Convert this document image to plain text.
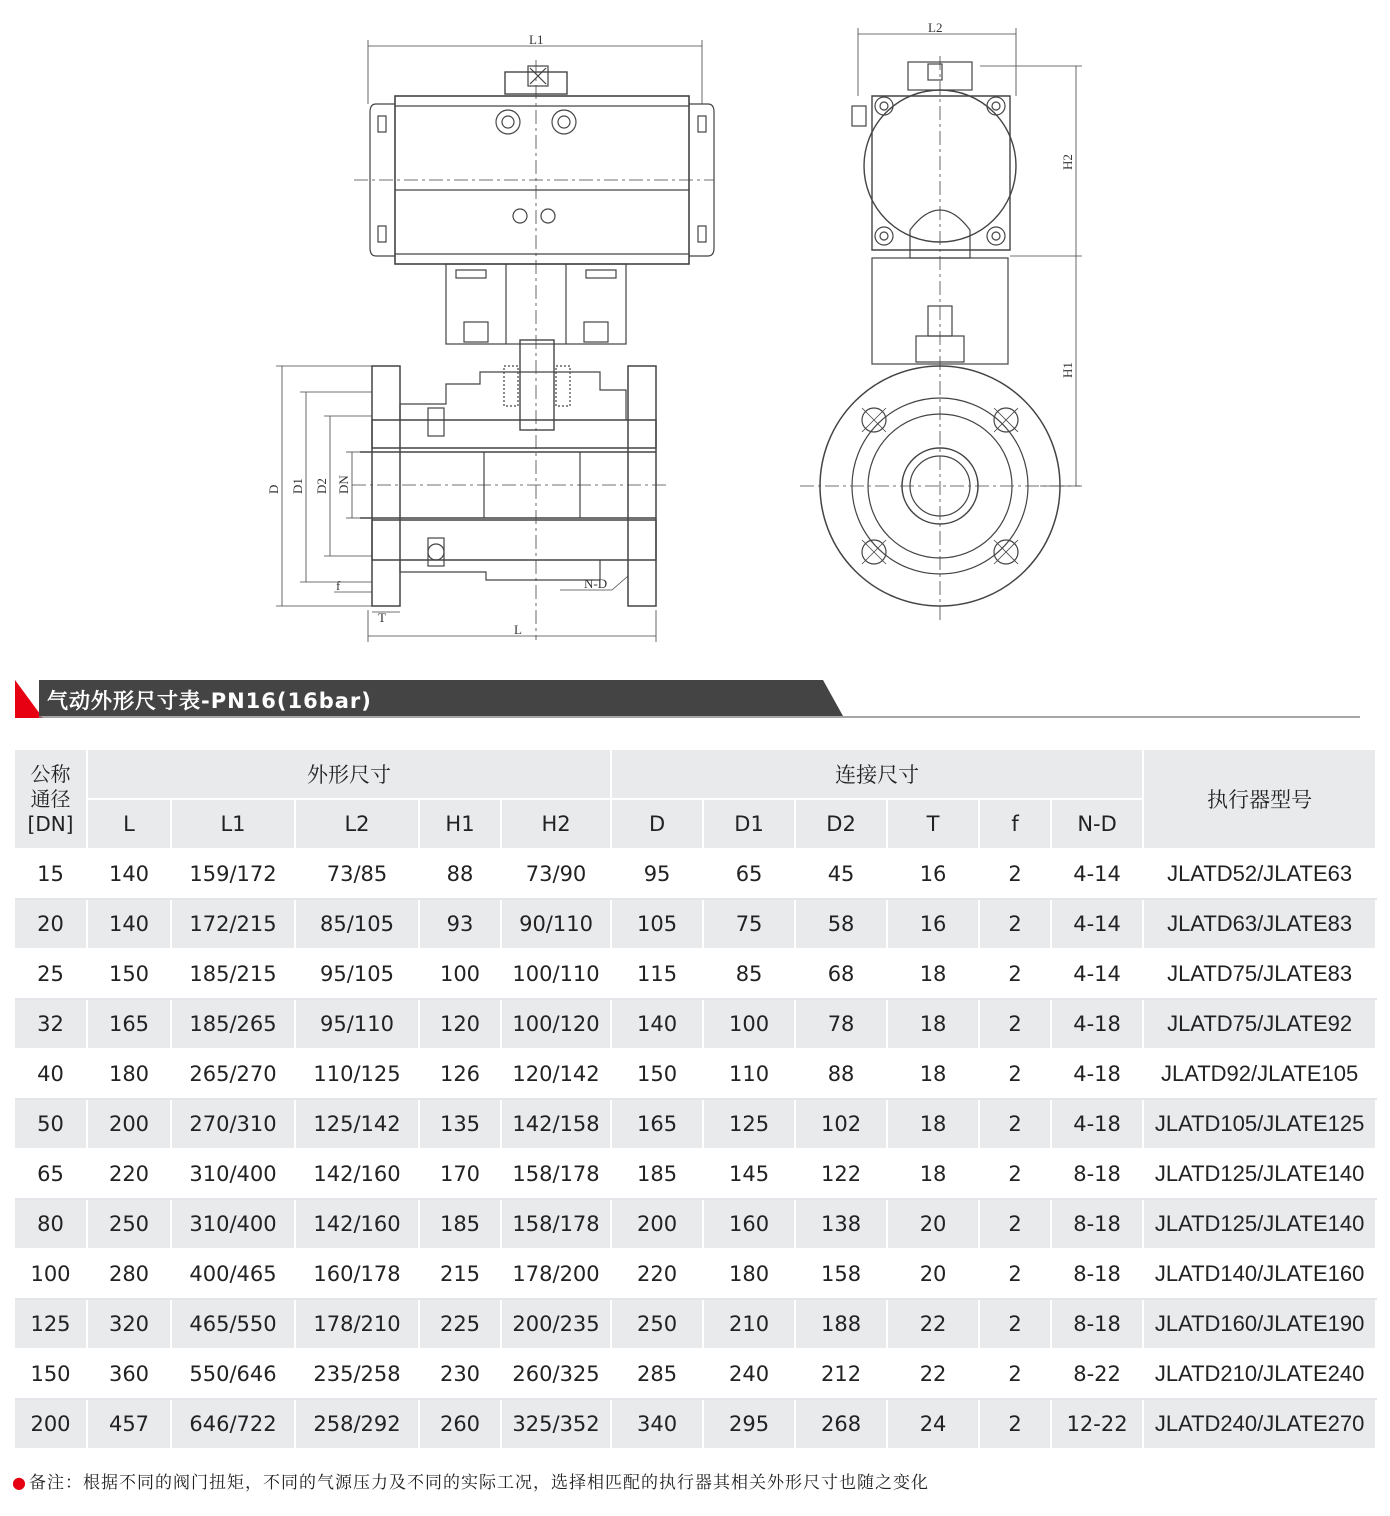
L1
L
D D1 D2 DN
f
T
N-D
L2
H2
H1
气动外形尺寸表-PN16(16bar)
公称
通径
[DN]	外形尺寸					连接尺寸						执行器型号
	L	L1	L2	H1	H2	D	D1	D2	T	f	N-D	
15	140	159/172	73/85	88	73/90	95	65	45	16	2	4-14	JLATD52/JLATE63
20	140	172/215	85/105	93	90/110	105	75	58	16	2	4-14	JLATD63/JLATE83
25	150	185/215	95/105	100	100/110	115	85	68	18	2	4-14	JLATD75/JLATE83
32	165	185/265	95/110	120	100/120	140	100	78	18	2	4-18	JLATD75/JLATE92
40	180	265/270	110/125	126	120/142	150	110	88	18	2	4-18	JLATD92/JLATE105
50	200	270/310	125/142	135	142/158	165	125	102	18	2	4-18	JLATD105/JLATE125
65	220	310/400	142/160	170	158/178	185	145	122	18	2	8-18	JLATD125/JLATE140
80	250	310/400	142/160	185	158/178	200	160	138	20	2	8-18	JLATD125/JLATE140
100	280	400/465	160/178	215	178/200	220	180	158	20	2	8-18	JLATD140/JLATE160
125	320	465/550	178/210	225	200/235	250	210	188	22	2	8-18	JLATD160/JLATE190
150	360	550/646	235/258	230	260/325	285	240	212	22	2	8-22	JLATD210/JLATE240
200	457	646/722	258/292	260	325/352	340	295	268	24	2	12-22	JLATD240/JLATE270
● 备注：根据不同的阀门扭矩，不同的气源压力及不同的实际工况，选择相匹配的执行器其相关外形尺寸也随之变化
